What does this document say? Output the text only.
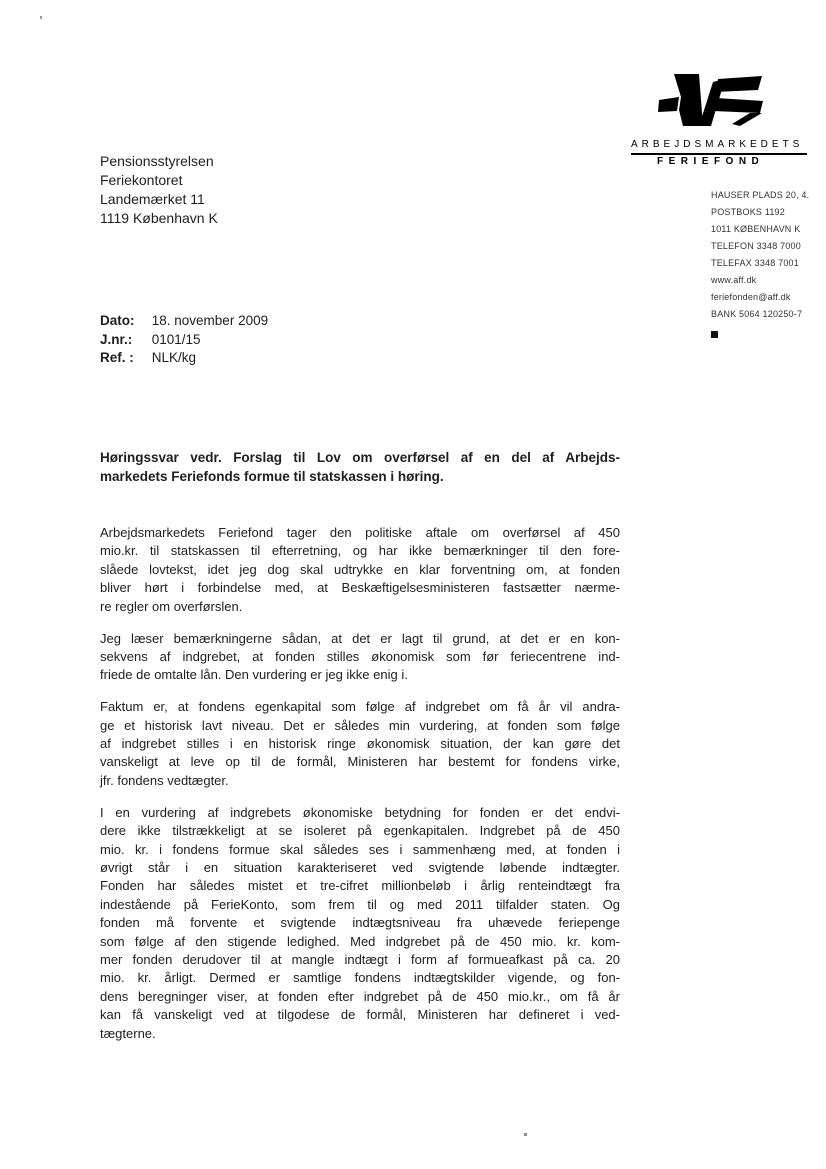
ARBEJDSMARKEDETS
FERIEFOND
HAUSER PLADS 20, 4.
POSTBOKS 1192
1011 KØBENHAVN K
TELEFON 3348 7000
TELEFAX 3348 7001
www.aff.dk
feriefonden@aff.dk
BANK 5064 120250-7
Pensionsstyrelsen
Feriekontoret
Landemærket 11
1119 København K
Dato: 18. november 2009
J.nr.: 0101/15
Ref. : NLK/kg
Høringssvar vedr. Forslag til Lov om overførsel af en del af Arbejds-
markedets Feriefonds formue til statskassen i høring.

Arbejdsmarkedets Feriefond tager den politiske aftale om overførsel af 450
mio.kr. til statskassen til efterretning, og har ikke bemærkninger til den fore-
slåede lovtekst, idet jeg dog skal udtrykke en klar forventning om, at fonden
bliver hørt i forbindelse med, at Beskæftigelsesministeren fastsætter nærme-
re regler om overførslen.

Jeg læser bemærkningerne sådan, at det er lagt til grund, at det er en kon-
sekvens af indgrebet, at fonden stilles økonomisk som før feriecentrene ind-
friede de omtalte lån. Den vurdering er jeg ikke enig i.

Faktum er, at fondens egenkapital som følge af indgrebet om få år vil andra-
ge et historisk lavt niveau. Det er således min vurdering, at fonden som følge
af indgrebet stilles i en historisk ringe økonomisk situation, der kan gøre det
vanskeligt at leve op til de formål, Ministeren har bestemt for fondens virke,
jfr. fondens vedtægter.

I en vurdering af indgrebets økonomiske betydning for fonden er det endvi-
dere ikke tilstrækkeligt at se isoleret på egenkapitalen. Indgrebet på de 450
mio. kr. i fondens formue skal således ses i sammenhæng med, at fonden i
øvrigt står i en situation karakteriseret ved svigtende løbende indtægter.
Fonden har således mistet et tre-cifret millionbeløb i årlig renteindtægt fra
indestående på FerieKonto, som frem til og med 2011 tilfalder staten. Og
fonden må forvente et svigtende indtægtsniveau fra uhævede feriepenge
som følge af den stigende ledighed. Med indgrebet på de 450 mio. kr. kom-
mer fonden derudover til at mangle indtægt i form af formueafkast på ca. 20
mio. kr. årligt. Dermed er samtlige fondens indtægtskilder vigende, og fon-
dens beregninger viser, at fonden efter indgrebet på de 450 mio.kr., om få år
kan få vanskeligt ved at tilgodese de formål, Ministeren har defineret i ved-
tægterne.
